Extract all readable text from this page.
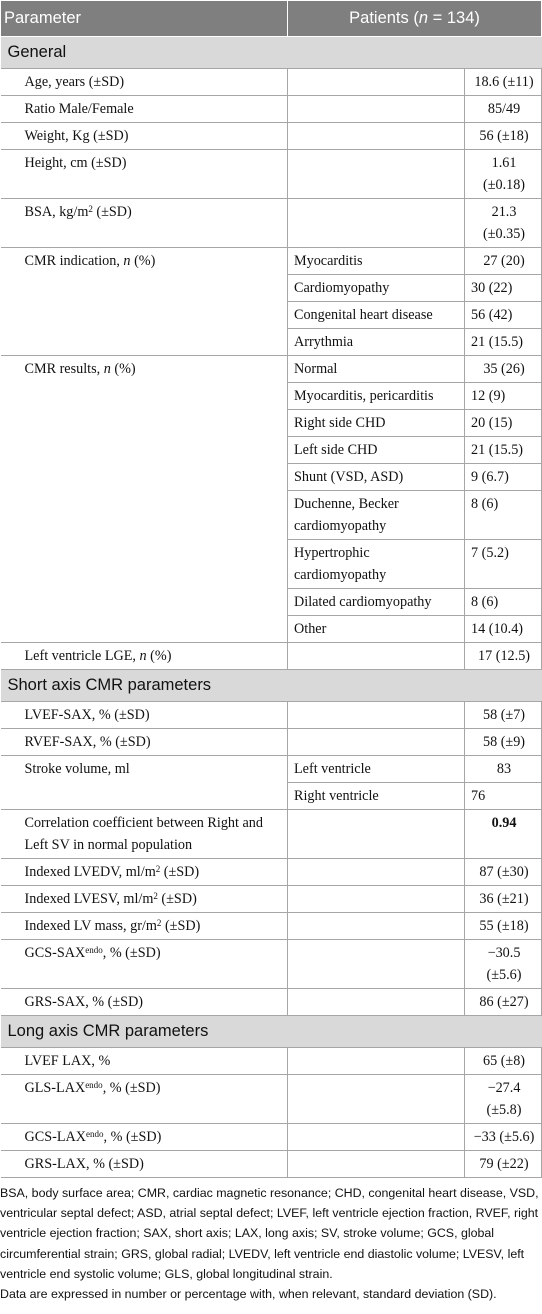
Parameter	Patients (n = 134)	
General		
Age, years (±SD)		18.6 (±11)
Ratio Male/Female		85/49
Weight, Kg (±SD)		56 (±18)
Height, cm (±SD)		1.61 (±0.18)
BSA, $kg/m^2$ (±SD)		21.3 (±0.35)
CMR indication, n (%)	Myocarditis	27 (20)
	Cardiomyopathy	30 (22)
	Congenital heart disease	56 (42)
	Arrythmia	21 (15.5)
CMR results, n (%)	Normal	35 (26)
	Myocarditis, pericarditis	12 (9)
	Right side CHD	20 (15)
	Left side CHD	21 (15.5)
	Shunt (VSD, ASD)	9 (6.7)
	Duchenne, Becker cardiomyopathy	8 (6)
	Hypertrophic cardiomyopathy	7 (5.2)
	Dilated cardiomyopathy	8 (6)
	Other	14 (10.4)
Left ventricle LGE, n (%)		17 (12.5)
Short axis CMR parameters		
LVEF-SAX, % (±SD)		58 (±7)
RVEF-SAX, % (±SD)		58 (±9)
Stroke volume, ml	Left ventricle	83
	Right ventricle	76
Correlation coefficient between Right and Left SV in normal population		0.94
Indexed LVEDV, $ml/m^2$ (±SD)		87 (±30)
Indexed LVESV, $ml/m^2$ (±SD)		36 (±21)
Indexed LV mass, $gr/m^2$ (±SD)		55 (±18)
GCS-$SAX^{endo}$, % (±SD)		−30.5 (±5.6)
GRS-SAX, % (±SD)		86 (±27)
Long axis CMR parameters		
LVEF LAX, %		65 (±8)
GLS-$LAX^{endo}$, % (±SD)		−27.4 (±5.8)
GCS-$LAX^{endo}$, % (±SD)		−33 (±5.6)
GRS-LAX, % (±SD)		79 (±22)

BSA, body surface area; CMR, cardiac magnetic resonance; CHD, congenital heart disease, VSD, ventricular septal defect; ASD, atrial septal defect; LVEF, left ventricle ejection fraction, RVEF, right ventricle ejection fraction; SAX, short axis; LAX, long axis; SV, stroke volume; GCS, global circumferential strain; GRS, global radial; LVEDV, left ventricle end diastolic volume; LVESV, left ventricle end systolic volume; GLS, global longitudinal strain.

Data are expressed in number or percentage with, when relevant, standard deviation (SD).
